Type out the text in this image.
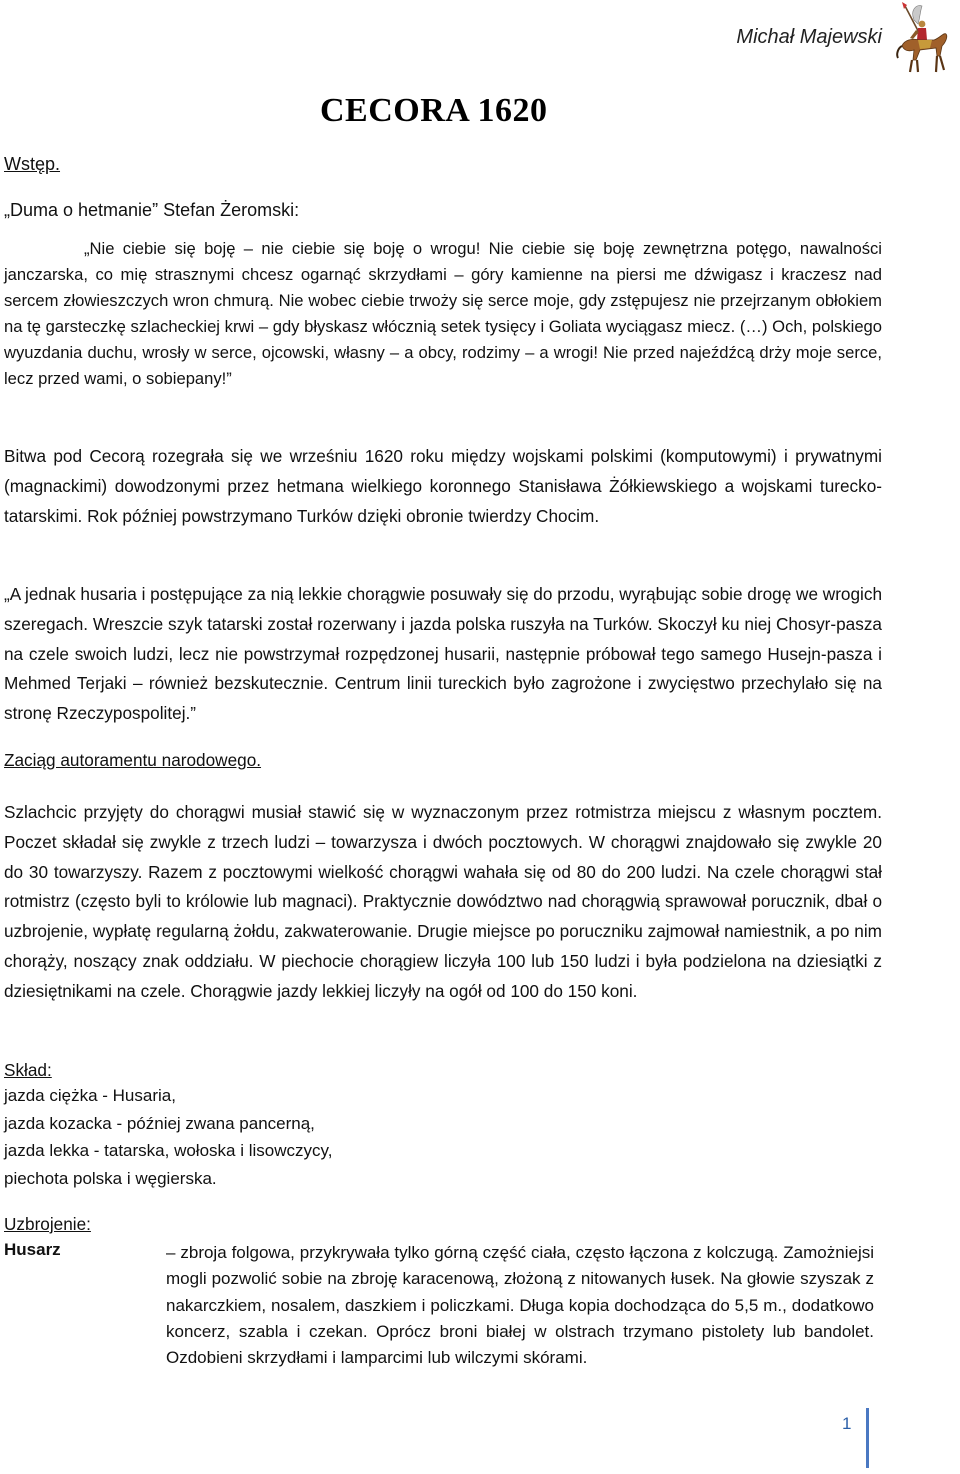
Michał Majewski
CECORA 1620
Wstęp.
„Duma o hetmanie” Stefan Żeromski:
„Nie ciebie się boję – nie ciebie się boję o wrogu! Nie ciebie się boję zewnętrzna potęgo, nawalności janczarska, co mię strasznymi chcesz ogarnąć skrzydłami – góry kamienne na piersi me dźwigasz i kraczesz nad sercem złowieszczych wron chmurą. Nie wobec ciebie trwoży się serce moje, gdy zstępujesz nie przejrzanym obłokiem na tę garsteczkę szlacheckiej krwi – gdy błyskasz włócznią setek tysięcy i Goliata wyciągasz miecz. (…) Och, polskiego wyuzdania duchu, wrosły w serce, ojcowski, własny – a obcy, rodzimy – a wrogi! Nie przed najeźdźcą drży moje serce, lecz przed wami, o sobiepany!”
Bitwa pod Cecorą rozegrała się we wrześniu 1620 roku między wojskami polskimi (komputowymi) i prywatnymi (magnackimi) dowodzonymi przez hetmana wielkiego koronnego Stanisława Żółkiewskiego a wojskami turecko-tatarskimi. Rok później powstrzymano Turków dzięki obronie twierdzy Chocim.
„A jednak husaria i postępujące za nią lekkie chorągwie posuwały się do przodu, wyrąbując sobie drogę we wrogich szeregach. Wreszcie szyk tatarski został rozerwany i jazda polska ruszyła na Turków. Skoczył ku niej Chosyr-pasza na czele swoich ludzi, lecz nie powstrzymał rozpędzonej husarii, następnie próbował tego samego Husejn-pasza i Mehmed Terjaki – również bezskutecznie. Centrum linii tureckich było zagrożone i zwycięstwo przechylało się na stronę Rzeczypospolitej.”
Zaciąg autoramentu narodowego.
Szlachcic przyjęty do chorągwi musiał stawić się w wyznaczonym przez rotmistrza miejscu z własnym pocztem. Poczet składał się zwykle z trzech ludzi – towarzysza i dwóch pocztowych. W chorągwi znajdowało się zwykle 20 do 30 towarzyszy. Razem z pocztowymi wielkość chorągwi wahała się od 80 do 200 ludzi. Na czele chorągwi stał rotmistrz (często byli to królowie lub magnaci). Praktycznie dowództwo nad chorągwią sprawował porucznik, dbał o uzbrojenie, wypłatę regularną żołdu, zakwaterowanie. Drugie miejsce po poruczniku zajmował namiestnik, a po nim chorąży, noszący znak oddziału. W piechocie chorągiew liczyła 100 lub 150 ludzi i była podzielona na dziesiątki z dziesiętnikami na czele. Chorągwie jazdy lekkiej liczyły na ogół od 100 do 150 koni.
Skład:
jazda ciężka - Husaria,
jazda kozacka - później zwana pancerną,
jazda lekka - tatarska, wołoska i lisowczycy,
piechota polska i węgierska.
Uzbrojenie:
Husarz	– zbroja folgowa, przykrywała tylko górną część ciała, często łączona z kolczugą. Zamożniejsi mogli pozwolić sobie na zbroję karacenową, złożoną z nitowanych łusek. Na głowie szyszak z nakarczkiem, nosalem, daszkiem i policzkami. Długa kopia dochodząca do 5,5 m., dodatkowo koncerz, szabla i czekan. Oprócz broni białej w olstrach trzymano pistolety lub bandolet. Ozdobieni skrzydłami i lamparcimi lub wilczymi skórami.
1
